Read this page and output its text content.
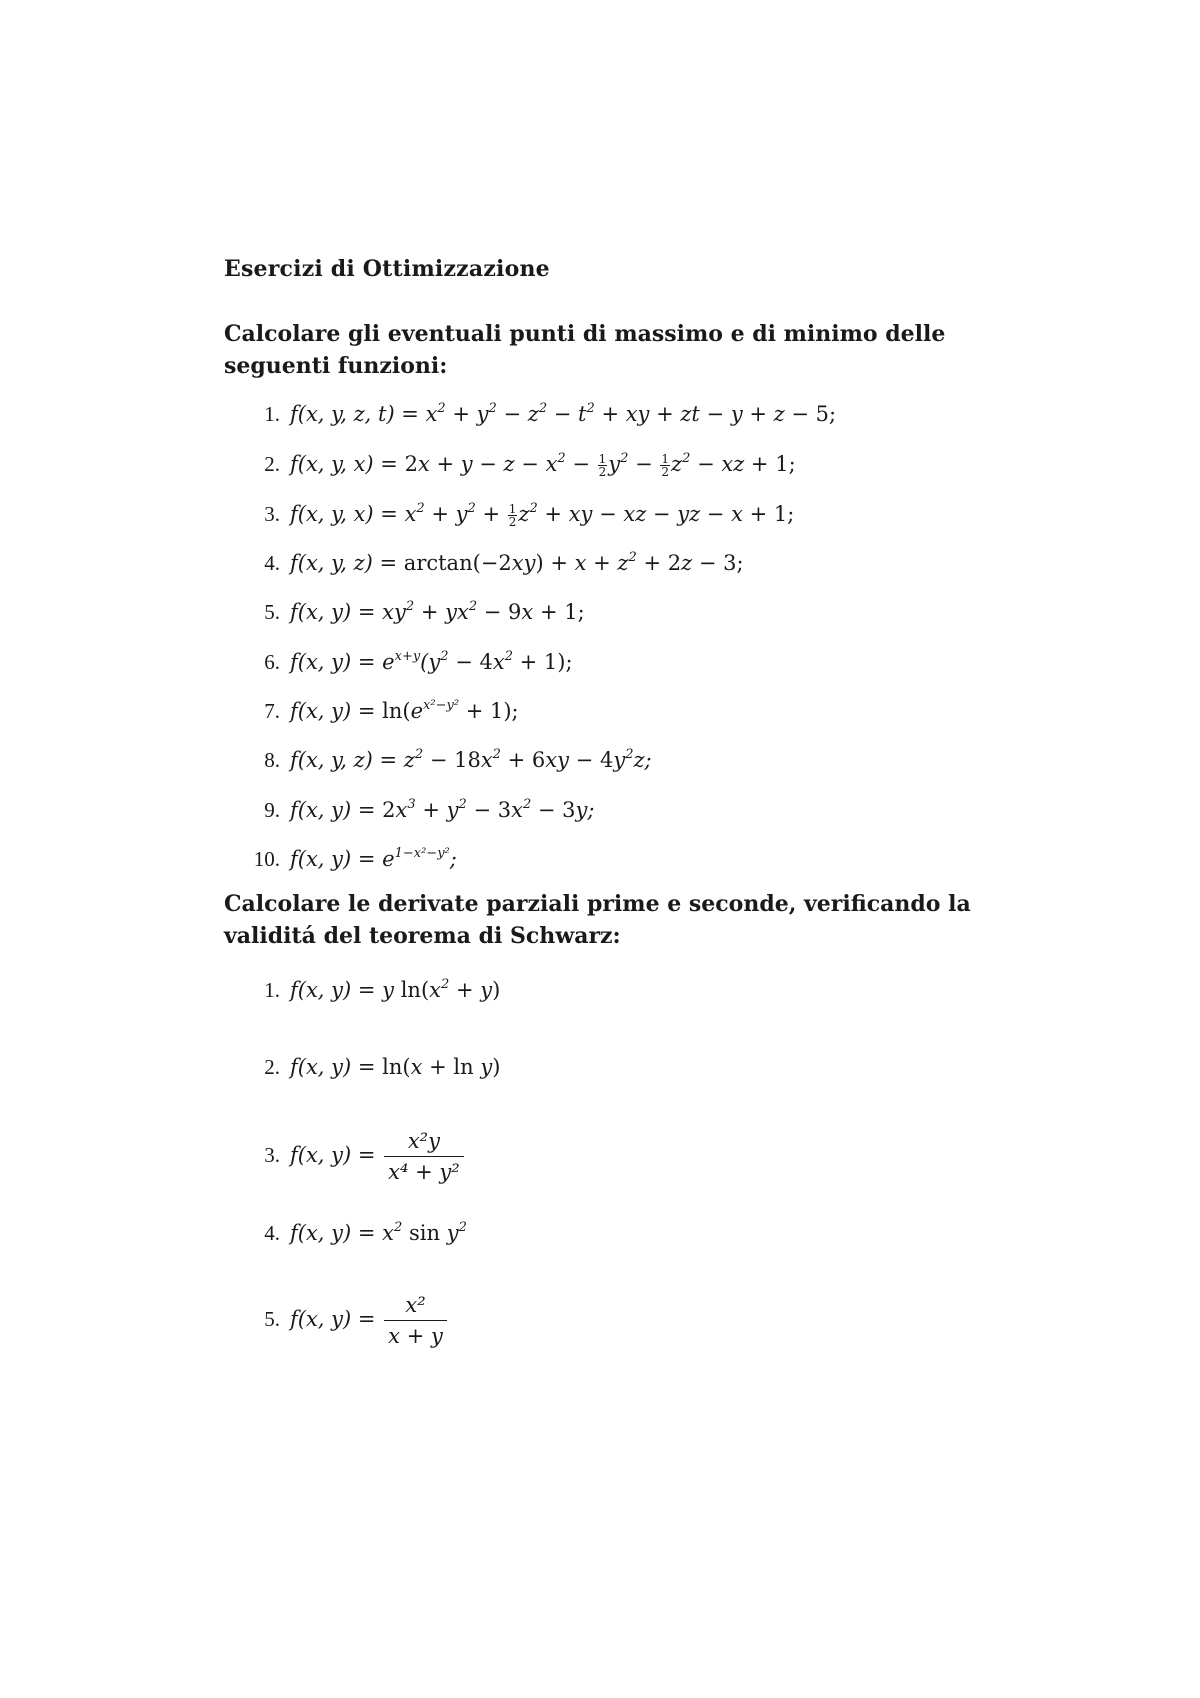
Esercizi di Ottimizzazione
Calcolare gli eventuali punti di massimo e di minimo delle seguenti funzioni:
1. f(x, y, z, $t) = x^2 + y^2 - z^2 - t^2$ + xy + zt − y + z − 5;
2. f(x, y, $x) = 2x + y - z - x^2 - \frac{1}{2} y^2 - \frac{1}{2} z^2$ − xz + 1;
3. f(x, y, $x) = x^2 + y^2 + \frac{1}{2} z^2$ + xy − xz − yz − x + 1;
4. f(x, y, $z) = \arctan(-2xy) + x + z^2 + 2z - 3$;
5. f(x, $y) = xy^2 + yx^2 - 9x + 1$;
6. f(x, $y) = e^{x+y}(y^2 - 4x^2 + 1)$;
7. f(x, $y) = \ln(e^{x^2-y^2} + 1)$;
8. f(x, y, $z) = z^2 - 18x^2 + 6xy - 4y^2z$;
9. f(x, $y) = 2x^3 + y^2 - 3x^2 - 3y$;
10. f(x, $y) = e^{1-x^2-y^2}$;
Calcolare le derivate parziali prime e seconde, verificando la validitá del teorema di Schwarz:
1. f(x, y) = y $\ln(x^2 + y)$
2. f(x, y) = ln(x + ln y)
3. f(x, $y) = \frac{\text{x²y}}{\text{x⁴ + y²}}$
4. f(x, $y) = x^2$ $\sin y^2$
5. f(x, $y) = \frac{\text{x²}}{x + y}$
